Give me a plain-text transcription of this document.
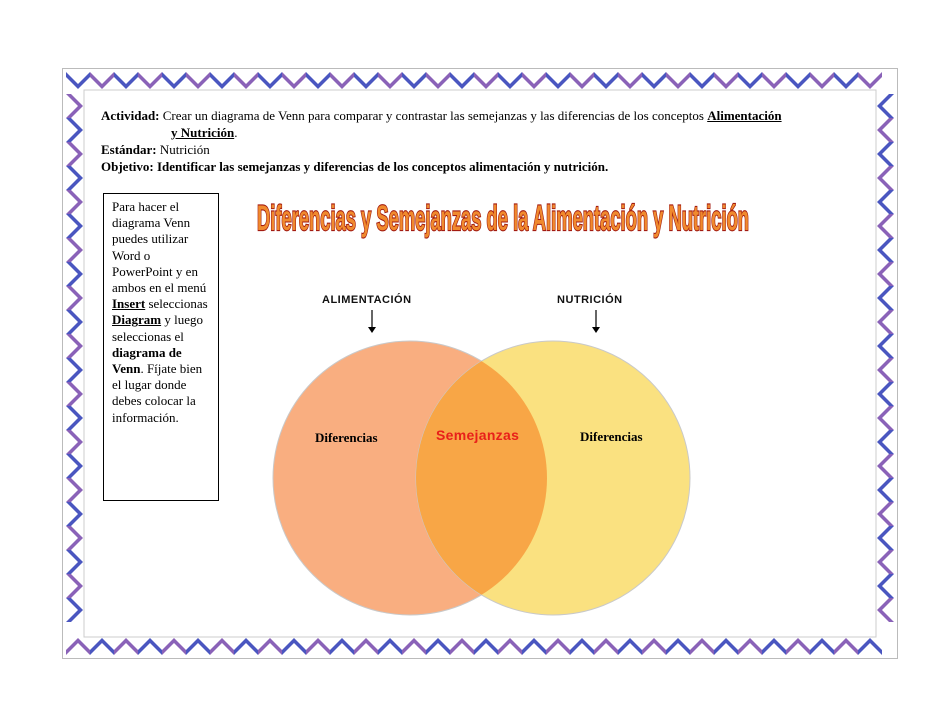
Actividad: Crear un diagrama de Venn para comparar y contrastar las semejanzas y las diferencias de los conceptos Alimentación

y Nutrición.

Estándar: Nutrición

Objetivo: Identificar las semejanzas y diferencias de los conceptos alimentación y nutrición.

Para hacer el diagrama Venn puedes utilizar Word o PowerPoint y en ambos en el menú Insert seleccionas Diagram y luego seleccionas el diagrama de Venn. Fíjate bien el lugar donde debes colocar la información.
Diferencias y Semejanzas de la Alimentación y Nutrición
ALIMENTACIÓN	NUTRICIÓN
Diferencias	Semejanzas	Diferencias
